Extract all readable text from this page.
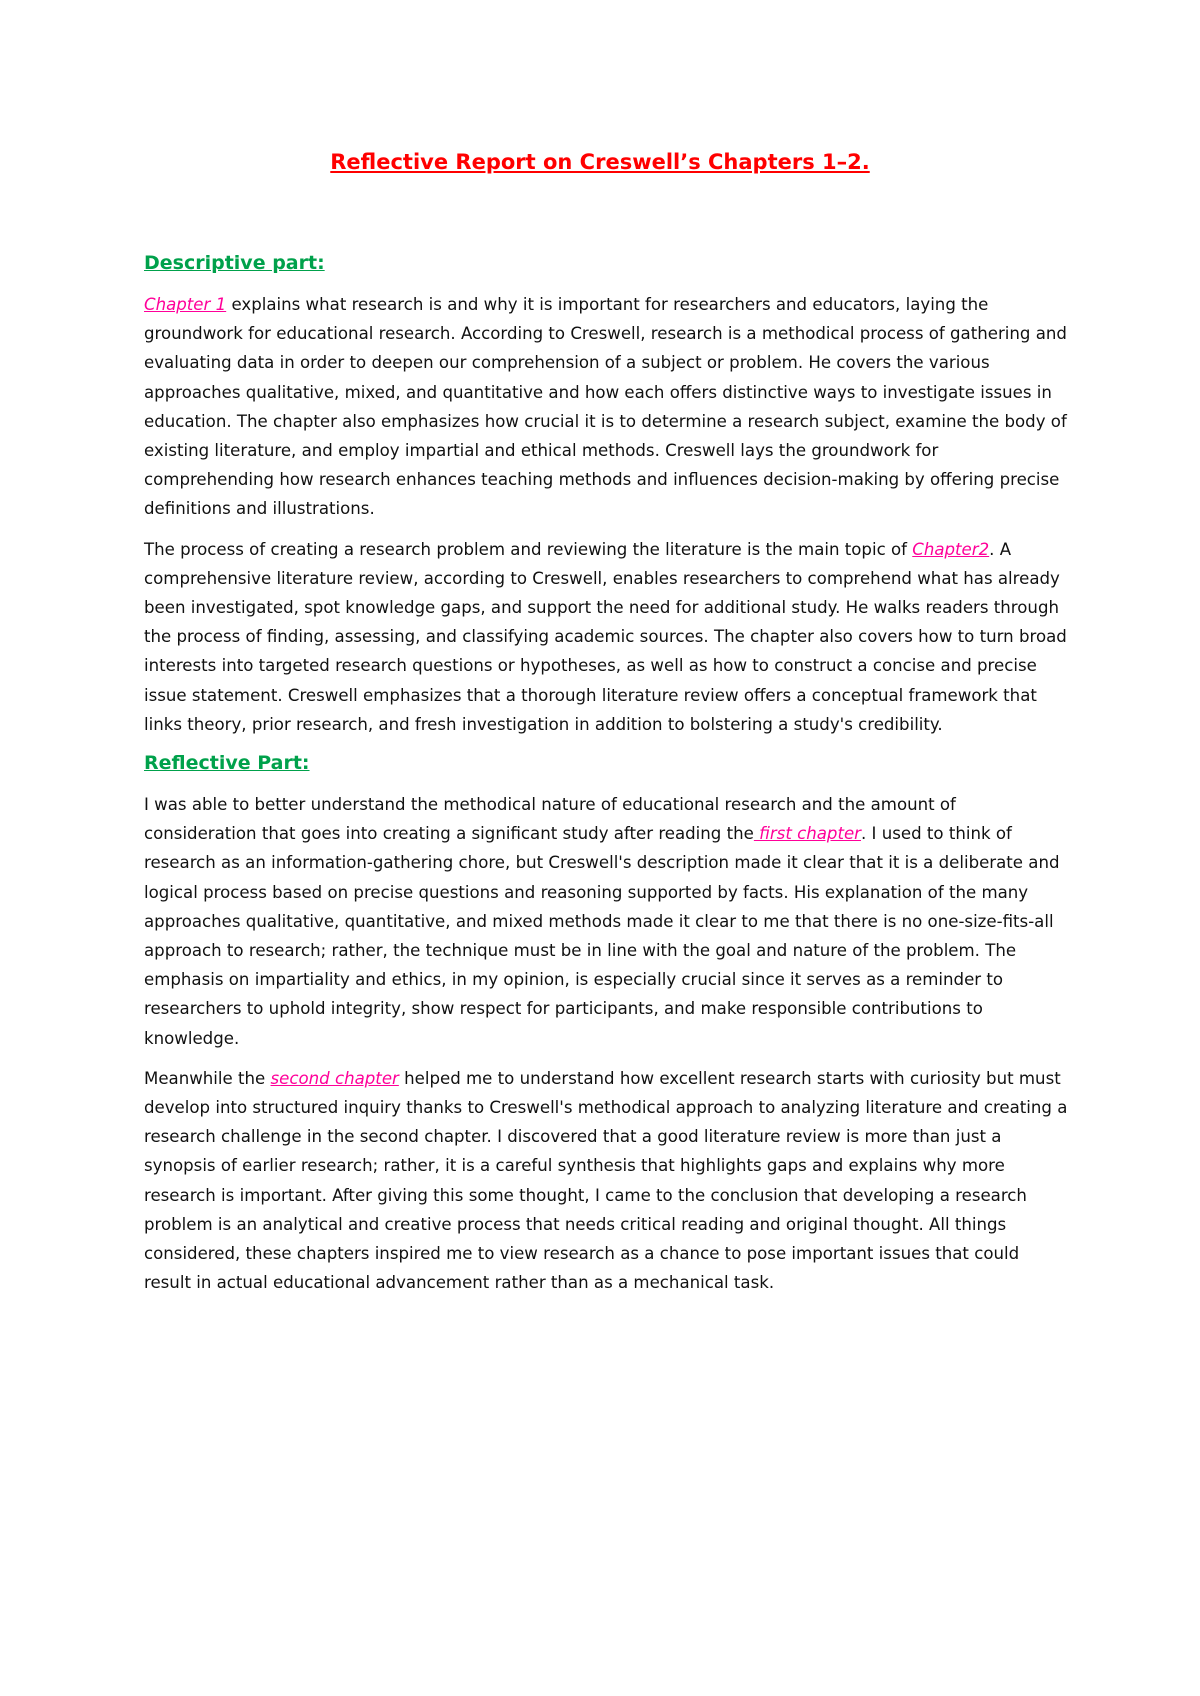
Reflective Report on Creswell’s Chapters 1–2.
Descriptive part:

Chapter 1 explains what research is and why it is important for researchers and educators, laying the groundwork for educational research. According to Creswell, research is a methodical process of gathering and evaluating data in order to deepen our comprehension of a subject or problem. He covers the various approaches qualitative, mixed, and quantitative and how each offers distinctive ways to investigate issues in education. The chapter also emphasizes how crucial it is to determine a research subject, examine the body of existing literature, and employ impartial and ethical methods. Creswell lays the groundwork for comprehending how research enhances teaching methods and influences decision-making by offering precise definitions and illustrations.

The process of creating a research problem and reviewing the literature is the main topic of Chapter2. A comprehensive literature review, according to Creswell, enables researchers to comprehend what has already been investigated, spot knowledge gaps, and support the need for additional study. He walks readers through the process of finding, assessing, and classifying academic sources. The chapter also covers how to turn broad interests into targeted research questions or hypotheses, as well as how to construct a concise and precise issue statement. Creswell emphasizes that a thorough literature review offers a conceptual framework that links theory, prior research, and fresh investigation in addition to bolstering a study's credibility.

Reflective Part:

I was able to better understand the methodical nature of educational research and the amount of consideration that goes into creating a significant study after reading the first chapter. I used to think of research as an information-gathering chore, but Creswell's description made it clear that it is a deliberate and logical process based on precise questions and reasoning supported by facts. His explanation of the many approaches qualitative, quantitative, and mixed methods made it clear to me that there is no one-size-fits-all approach to research; rather, the technique must be in line with the goal and nature of the problem. The emphasis on impartiality and ethics, in my opinion, is especially crucial since it serves as a reminder to researchers to uphold integrity, show respect for participants, and make responsible contributions to knowledge.

Meanwhile the second chapter helped me to understand how excellent research starts with curiosity but must develop into structured inquiry thanks to Creswell's methodical approach to analyzing literature and creating a research challenge in the second chapter. I discovered that a good literature review is more than just a synopsis of earlier research; rather, it is a careful synthesis that highlights gaps and explains why more research is important. After giving this some thought, I came to the conclusion that developing a research problem is an analytical and creative process that needs critical reading and original thought. All things considered, these chapters inspired me to view research as a chance to pose important issues that could result in actual educational advancement rather than as a mechanical task.
